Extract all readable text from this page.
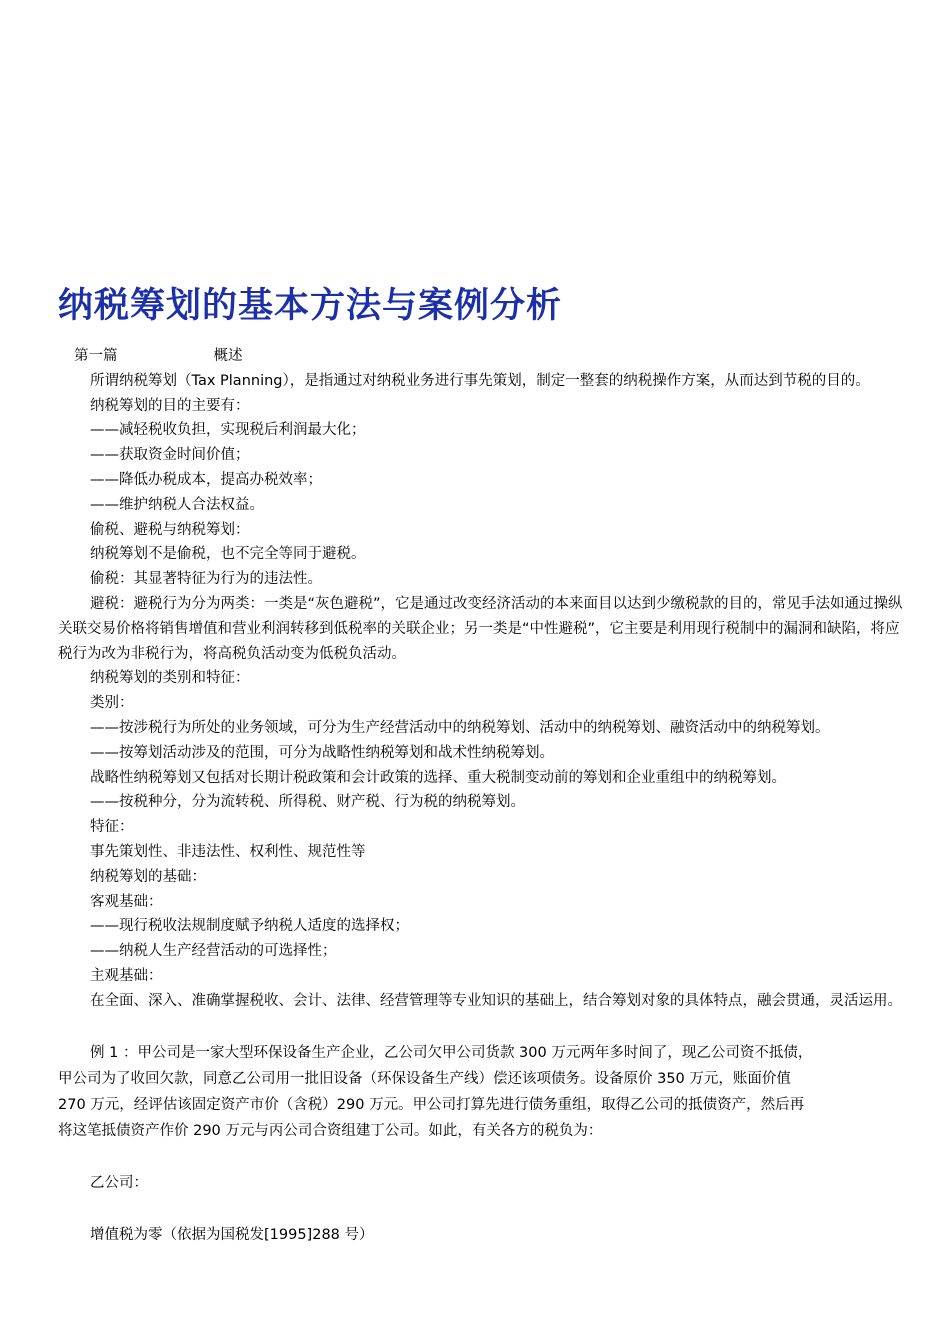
纳税筹划的基本方法与案例分析

第一篇	概述

所谓纳税筹划（Tax Planning），是指通过对纳税业务进行事先策划，制定一整套的纳税操作方案，从而达到节税的目的。

纳税筹划的目的主要有：

——减轻税收负担，实现税后利润最大化；

——获取资金时间价值；

——降低办税成本，提高办税效率；

——维护纳税人合法权益。

偷税、避税与纳税筹划：

纳税筹划不是偷税，也不完全等同于避税。

偷税：其显著特征为行为的违法性。

避税：避税行为分为两类：一类是“灰色避税”，它是通过改变经济活动的本来面目以达到少缴税款的目的，常见手法如通过操纵关联交易价格将销售增值和营业利润转移到低税率的关联企业；另一类是“中性避税”，它主要是利用现行税制中的漏洞和缺陷，将应税行为改为非税行为，将高税负活动变为低税负活动。

纳税筹划的类别和特征：

类别：

——按涉税行为所处的业务领域，可分为生产经营活动中的纳税筹划、活动中的纳税筹划、融资活动中的纳税筹划。

——按筹划活动涉及的范围，可分为战略性纳税筹划和战术性纳税筹划。

战略性纳税筹划又包括对长期计税政策和会计政策的选择、重大税制变动前的筹划和企业重组中的纳税筹划。

——按税种分，分为流转税、所得税、财产税、行为税的纳税筹划。

特征：

事先策划性、非违法性、权利性、规范性等

纳税筹划的基础：

客观基础：

——现行税收法规制度赋予纳税人适度的选择权；

——纳税人生产经营活动的可选择性；

主观基础：

在全面、深入、准确掌握税收、会计、法律、经营管理等专业知识的基础上，结合筹划对象的具体特点，融会贯通，灵活运用。

例 1 ：甲公司是一家大型环保设备生产企业，乙公司欠甲公司货款 300 万元两年多时间了，现乙公司资不抵债，

甲公司为了收回欠款，同意乙公司用一批旧设备（环保设备生产线）偿还该项债务。设备原价 350 万元，账面价值

270 万元，经评估该固定资产市价（含税）290 万元。甲公司打算先进行债务重组，取得乙公司的抵债资产，然后再

将这笔抵债资产作价 290 万元与丙公司合资组建丁公司。如此，有关各方的税负为：

乙公司：

增值税为零（依据为国税发[1995]288 号）
